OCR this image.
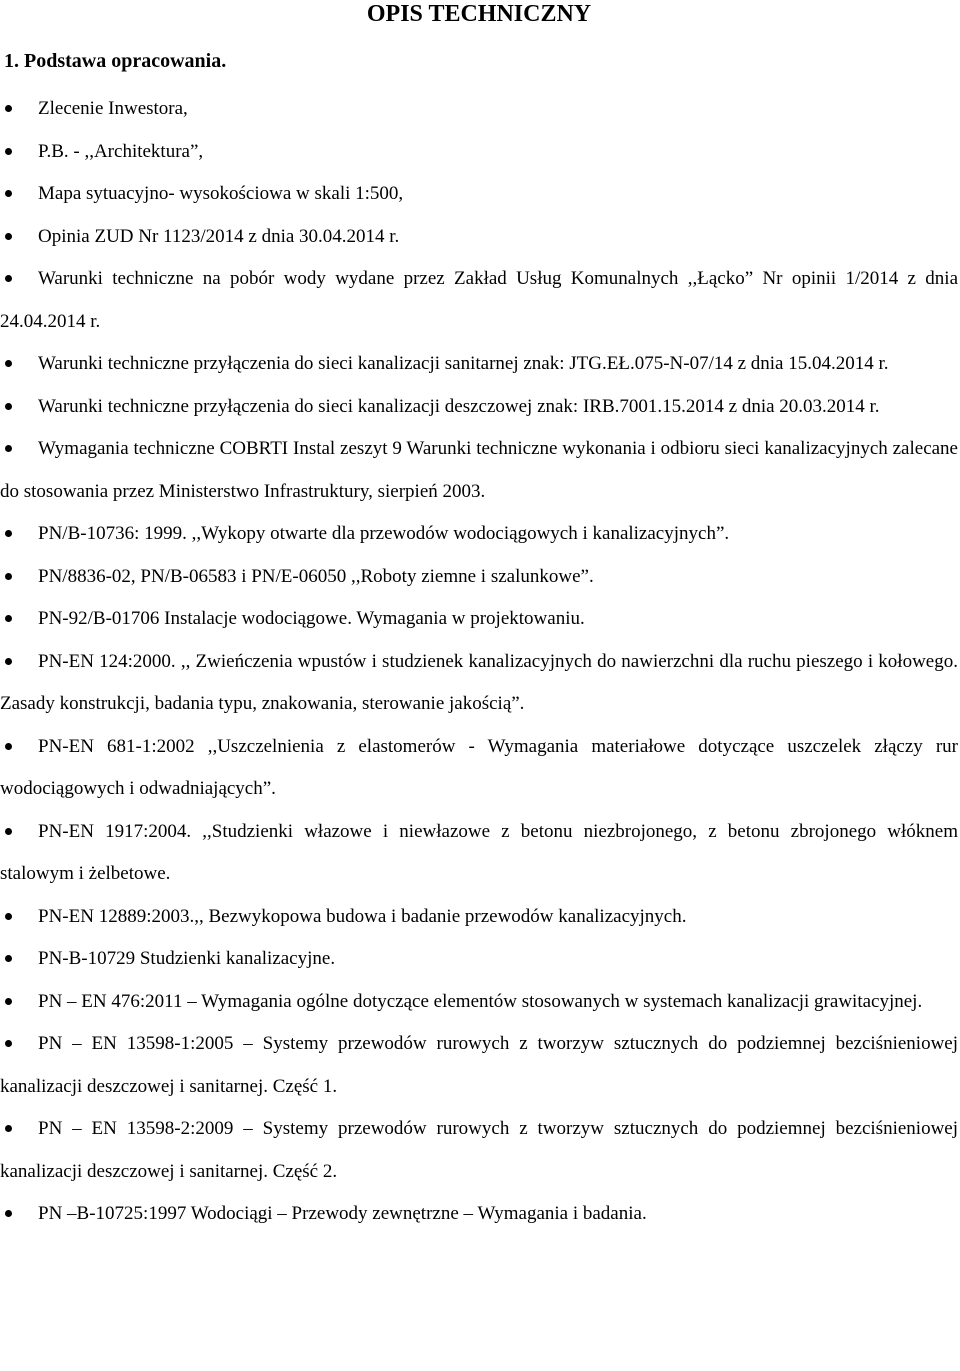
OPIS TECHNICZNY
1. Podstawa opracowania.
Zlecenie Inwestora,
P.B. - ,,Architektura”,
Mapa sytuacyjno- wysokościowa w skali 1:500,
Opinia ZUD Nr 1123/2014 z dnia 30.04.2014 r.
Warunki techniczne na pobór wody wydane przez Zakład Usług Komunalnych ,,Łącko” Nr opinii 1/2014 z dnia 24.04.2014 r.
Warunki techniczne przyłączenia do sieci kanalizacji sanitarnej znak: JTG.EŁ.075-N-07/14 z dnia 15.04.2014 r.
Warunki techniczne przyłączenia do sieci kanalizacji deszczowej znak: IRB.7001.15.2014 z dnia 20.03.2014 r.
Wymagania techniczne COBRTI Instal zeszyt 9 Warunki techniczne wykonania i odbioru sieci kanalizacyjnych zalecane do stosowania przez Ministerstwo Infrastruktury, sierpień 2003.
PN/B-10736: 1999. ,,Wykopy otwarte dla przewodów wodociągowych i kanalizacyjnych”.
PN/8836-02, PN/B-06583 i PN/E-06050 ,,Roboty ziemne i szalunkowe”.
PN-92/B-01706 Instalacje wodociągowe. Wymagania w projektowaniu.
PN-EN 124:2000. ,, Zwieńczenia wpustów i studzienek kanalizacyjnych do nawierzchni dla ruchu pieszego i kołowego. Zasady konstrukcji, badania typu, znakowania, sterowanie jakością”.
PN-EN 681-1:2002 ,,Uszczelnienia z elastomerów - Wymagania materiałowe dotyczące uszczelek złączy rur wodociągowych i odwadniających”.
PN-EN 1917:2004. ,,Studzienki włazowe i niewłazowe z betonu niezbrojonego, z betonu zbrojonego włóknem stalowym i żelbetowe.
PN-EN 12889:2003.,, Bezwykopowa budowa i badanie przewodów kanalizacyjnych.
PN-B-10729 Studzienki kanalizacyjne.
PN – EN 476:2011 – Wymagania ogólne dotyczące elementów stosowanych w systemach kanalizacji grawitacyjnej.
PN – EN 13598-1:2005 – Systemy przewodów rurowych z tworzyw sztucznych do podziemnej bezciśnieniowej kanalizacji deszczowej i sanitarnej. Część 1.
PN – EN 13598-2:2009 – Systemy przewodów rurowych z tworzyw sztucznych do podziemnej bezciśnieniowej kanalizacji deszczowej i sanitarnej. Część 2.
PN –B-10725:1997 Wodociągi – Przewody zewnętrzne – Wymagania i badania.
